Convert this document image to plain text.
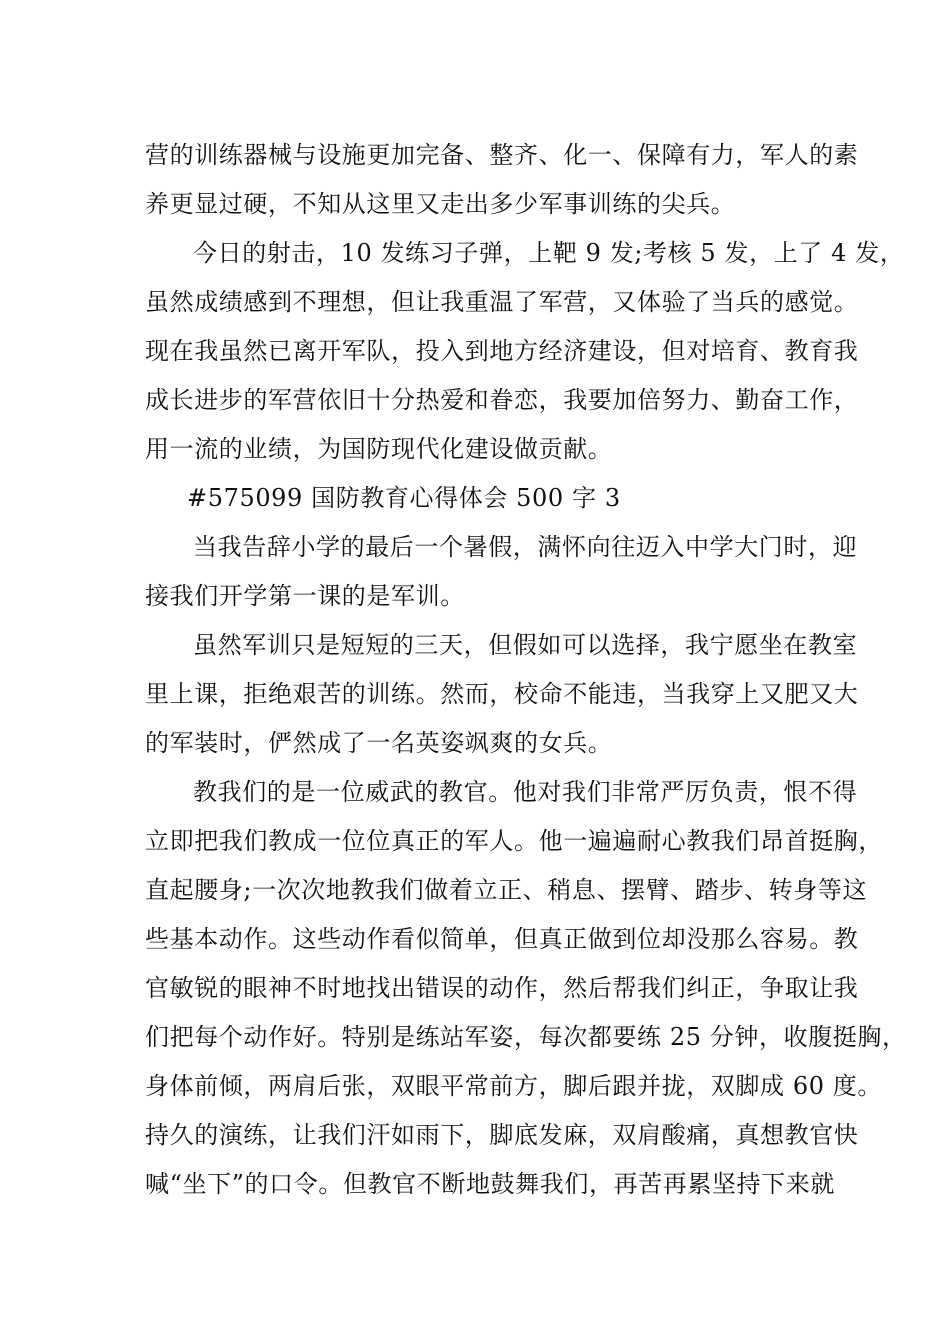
营的训练器械与设施更加完备、整齐、化一、保障有力，军人的素
养更显过硬，不知从这里又走出多少军事训练的尖兵。
今日的射击，10 发练习子弹，上靶 9 发;考核 5 发，上了 4 发，
虽然成绩感到不理想，但让我重温了军营，又体验了当兵的感觉。
现在我虽然已离开军队，投入到地方经济建设，但对培育、教育我
成长进步的军营依旧十分热爱和眷恋，我要加倍努力、勤奋工作，
用一流的业绩，为国防现代化建设做贡献。
#575099 国防教育心得体会 500 字 3
当我告辞小学的最后一个暑假，满怀向往迈入中学大门时，迎
接我们开学第一课的是军训。
虽然军训只是短短的三天，但假如可以选择，我宁愿坐在教室
里上课，拒绝艰苦的训练。然而，校命不能违，当我穿上又肥又大
的军装时，俨然成了一名英姿飒爽的女兵。
教我们的是一位威武的教官。他对我们非常严厉负责，恨不得
立即把我们教成一位位真正的军人。他一遍遍耐心教我们昂首挺胸，
直起腰身;一次次地教我们做着立正、稍息、摆臂、踏步、转身等这
些基本动作。这些动作看似简单，但真正做到位却没那么容易。教
官敏锐的眼神不时地找出错误的动作，然后帮我们纠正，争取让我
们把每个动作好。特别是练站军姿，每次都要练 25 分钟，收腹挺胸，
身体前倾，两肩后张，双眼平常前方，脚后跟并拢，双脚成 60 度。
持久的演练，让我们汗如雨下，脚底发麻，双肩酸痛，真想教官快
喊“坐下”的口令。但教官不断地鼓舞我们，再苦再累坚持下来就
